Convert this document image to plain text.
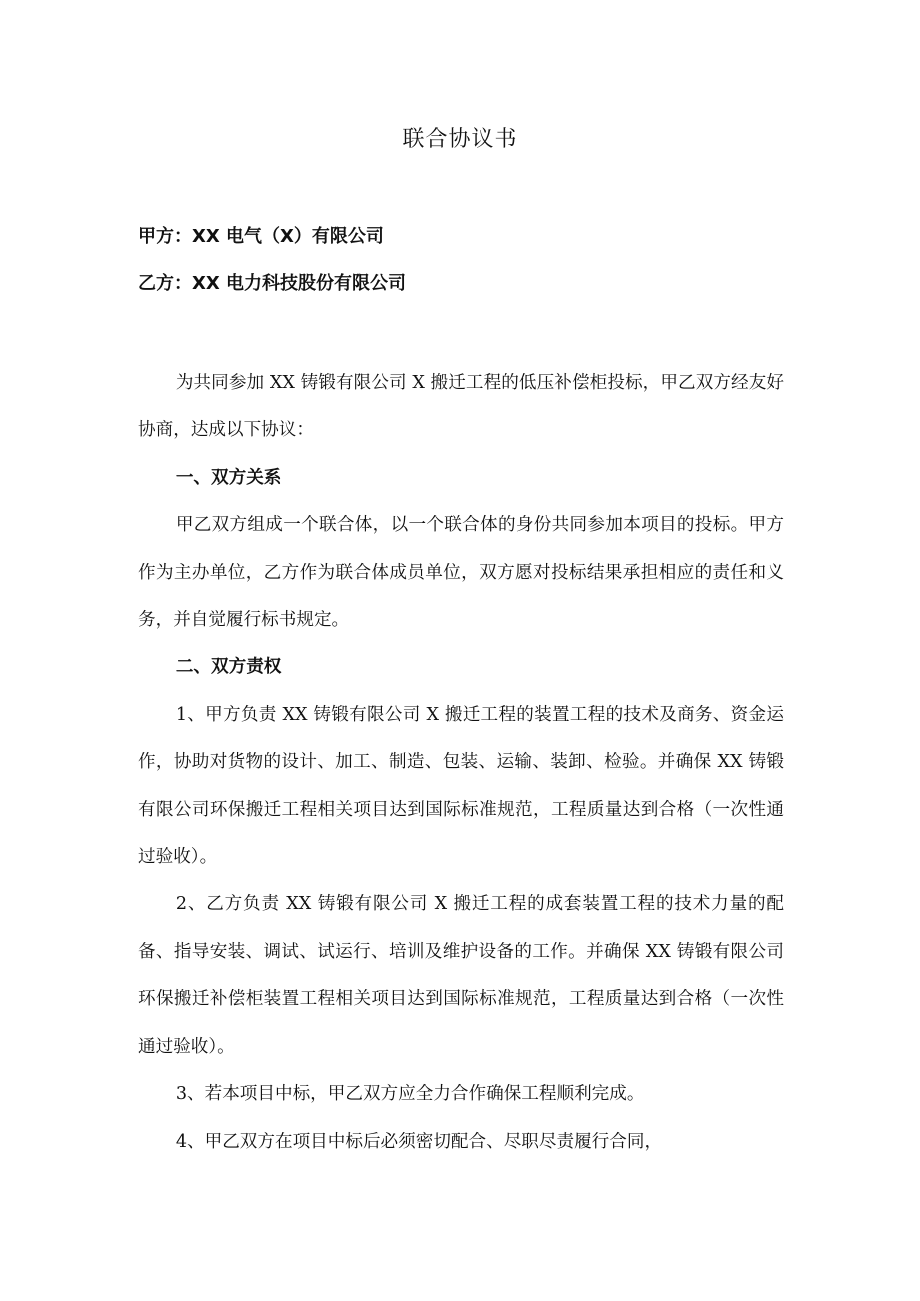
联合协议书
甲方：XX 电气（X）有限公司
乙方：XX 电力科技股份有限公司

为共同参加 XX 铸锻有限公司 X 搬迁工程的低压补偿柜投标，甲乙双方经友好协商，达成以下协议：

一、双方关系

甲乙双方组成一个联合体，以一个联合体的身份共同参加本项目的投标。甲方作为主办单位，乙方作为联合体成员单位，双方愿对投标结果承担相应的责任和义务，并自觉履行标书规定。

二、双方责权

1、甲方负责 XX 铸锻有限公司 X 搬迁工程的装置工程的技术及商务、资金运作，协助对货物的设计、加工、制造、包装、运输、装卸、检验。并确保 XX 铸锻有限公司环保搬迁工程相关项目达到国际标准规范，工程质量达到合格（一次性通过验收）。

2、乙方负责 XX 铸锻有限公司 X 搬迁工程的成套装置工程的技术力量的配备、指导安装、调试、试运行、培训及维护设备的工作。并确保 XX 铸锻有限公司环保搬迁补偿柜装置工程相关项目达到国际标准规范，工程质量达到合格（一次性通过验收）。

3、若本项目中标，甲乙双方应全力合作确保工程顺利完成。

4、甲乙双方在项目中标后必须密切配合、尽职尽责履行合同，
